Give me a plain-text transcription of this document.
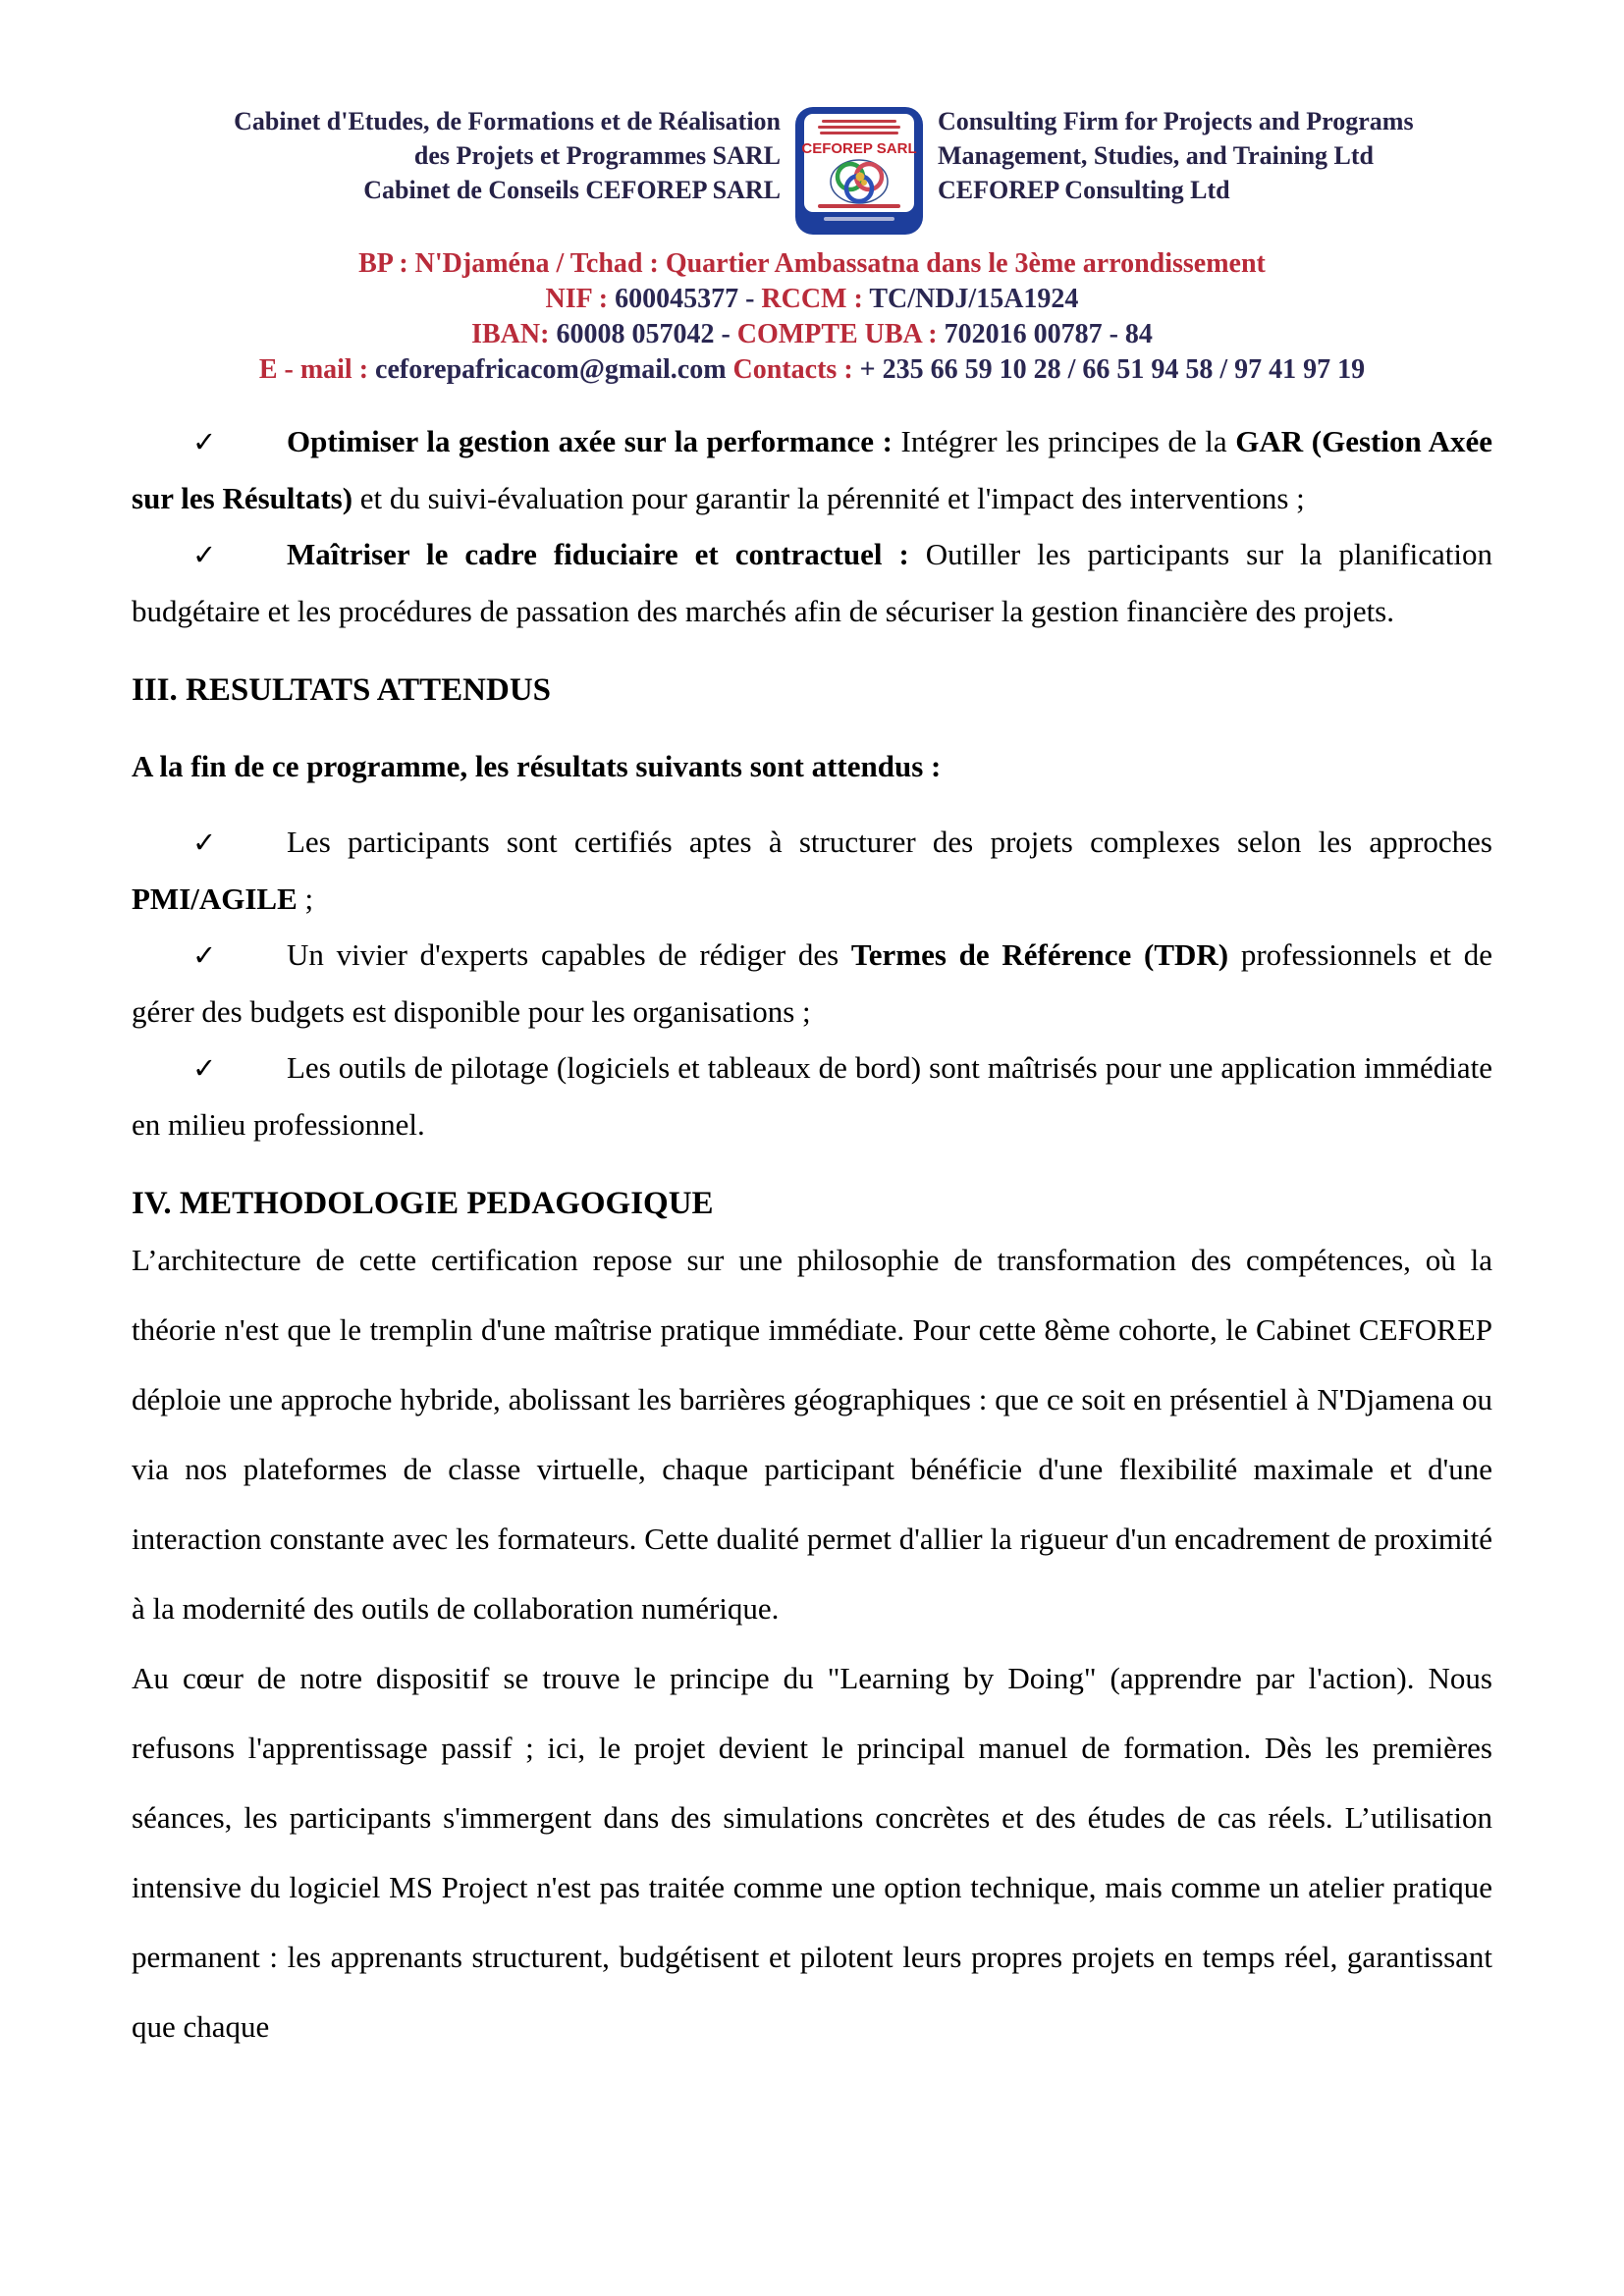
Cabinet d'Etudes, de Formations et de Réalisation
des Projets et Programmes SARL
Cabinet de Conseils CEFOREP SARL
CEFOREP SARL
Consulting Firm for Projects and Programs
Management, Studies, and Training Ltd
CEFOREP Consulting Ltd
BP : N'Djaména / Tchad : Quartier Ambassatna dans le 3ème arrondissement
NIF : 600045377 - RCCM : TC/NDJ/15A1924
IBAN: 60008 057042 - COMPTE UBA : 702016 00787 - 84
E - mail : ceforepafricacom@gmail.com Contacts : + 235 66 59 10 28 / 66 51 94 58 / 97 41 97 19

✓ Optimiser la gestion axée sur la performance : Intégrer les principes de la GAR (Gestion Axée sur les Résultats) et du suivi-évaluation pour garantir la pérennité et l'impact des interventions ;

✓ Maîtriser le cadre fiduciaire et contractuel : Outiller les participants sur la planification budgétaire et les procédures de passation des marchés afin de sécuriser la gestion financière des projets.

III. RESULTATS ATTENDUS

A la fin de ce programme, les résultats suivants sont attendus :

✓ Les participants sont certifiés aptes à structurer des projets complexes selon les approches PMI/AGILE ;

✓ Un vivier d'experts capables de rédiger des Termes de Référence (TDR) professionnels et de gérer des budgets est disponible pour les organisations ;

✓ Les outils de pilotage (logiciels et tableaux de bord) sont maîtrisés pour une application immédiate en milieu professionnel.

IV. METHODOLOGIE PEDAGOGIQUE

L’architecture de cette certification repose sur une philosophie de transformation des compétences, où la théorie n'est que le tremplin d'une maîtrise pratique immédiate. Pour cette 8ème cohorte, le Cabinet CEFOREP déploie une approche hybride, abolissant les barrières géographiques : que ce soit en présentiel à N'Djamena ou via nos plateformes de classe virtuelle, chaque participant bénéficie d'une flexibilité maximale et d'une interaction constante avec les formateurs. Cette dualité permet d'allier la rigueur d'un encadrement de proximité à la modernité des outils de collaboration numérique.

Au cœur de notre dispositif se trouve le principe du "Learning by Doing" (apprendre par l'action). Nous refusons l'apprentissage passif ; ici, le projet devient le principal manuel de formation. Dès les premières séances, les participants s'immergent dans des simulations concrètes et des études de cas réels. L’utilisation intensive du logiciel MS Project n'est pas traitée comme une option technique, mais comme un atelier pratique permanent : les apprenants structurent, budgétisent et pilotent leurs propres projets en temps réel, garantissant que chaque
